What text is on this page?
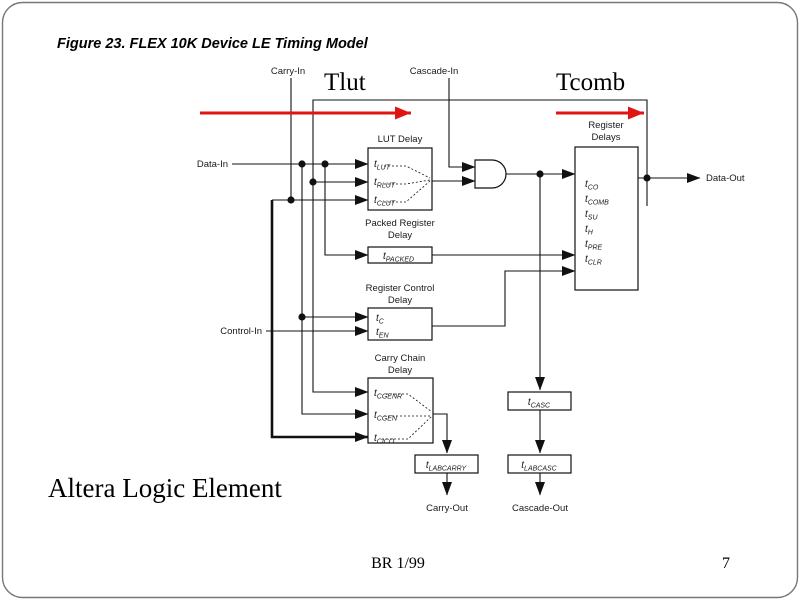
Figure 23. FLEX 10K Device LE Timing Model
Tlut	Tcomb
Carry-In	Cascade-In
Data-In
Control-In
Data-Out
Carry-Out	Cascade-Out
LUT Delay
Packed Register
Delay
Register Control
Delay
Carry Chain
Delay
Register
Delays
tLUT
tRLUT
tCLUT
tPACKED
tC
tEN
tCGENR
tCGEN
tCICO
tCO
tCOMB
tSU
tH
tPRE
tCLR
tCASC
tLABCARRY	tLABCASC
Altera Logic Element
BR 1/99	7
